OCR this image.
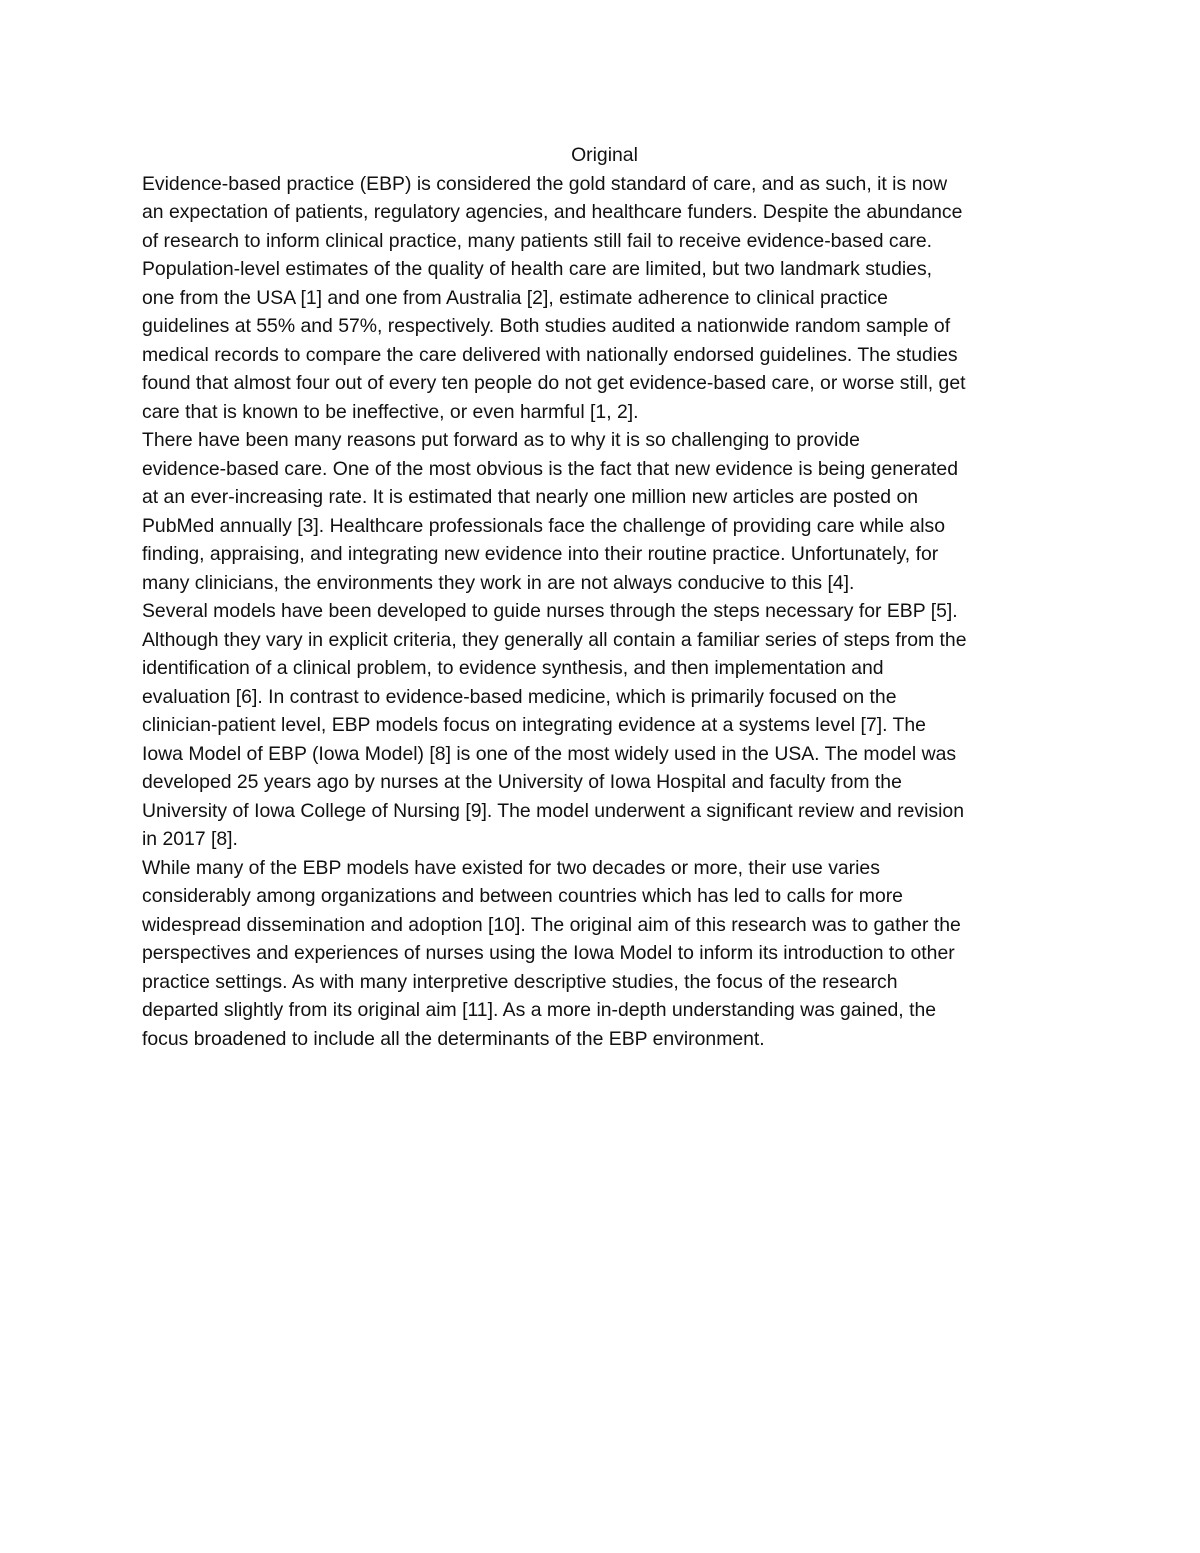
Original
Evidence-based practice (EBP) is considered the gold standard of care, and as such, it is now
an expectation of patients, regulatory agencies, and healthcare funders. Despite the abundance
of research to inform clinical practice, many patients still fail to receive evidence-based care.
Population-level estimates of the quality of health care are limited, but two landmark studies,
one from the USA [1] and one from Australia [2], estimate adherence to clinical practice
guidelines at 55% and 57%, respectively. Both studies audited a nationwide random sample of
medical records to compare the care delivered with nationally endorsed guidelines. The studies
found that almost four out of every ten people do not get evidence-based care, or worse still, get
care that is known to be ineffective, or even harmful [1, 2].
There have been many reasons put forward as to why it is so challenging to provide
evidence-based care. One of the most obvious is the fact that new evidence is being generated
at an ever-increasing rate. It is estimated that nearly one million new articles are posted on
PubMed annually [3]. Healthcare professionals face the challenge of providing care while also
finding, appraising, and integrating new evidence into their routine practice. Unfortunately, for
many clinicians, the environments they work in are not always conducive to this [4].
Several models have been developed to guide nurses through the steps necessary for EBP [5].
Although they vary in explicit criteria, they generally all contain a familiar series of steps from the
identification of a clinical problem, to evidence synthesis, and then implementation and
evaluation [6]. In contrast to evidence-based medicine, which is primarily focused on the
clinician-patient level, EBP models focus on integrating evidence at a systems level [7]. The
Iowa Model of EBP (Iowa Model) [8] is one of the most widely used in the USA. The model was
developed 25 years ago by nurses at the University of Iowa Hospital and faculty from the
University of Iowa College of Nursing [9]. The model underwent a significant review and revision
in 2017 [8].
While many of the EBP models have existed for two decades or more, their use varies
considerably among organizations and between countries which has led to calls for more
widespread dissemination and adoption [10]. The original aim of this research was to gather the
perspectives and experiences of nurses using the Iowa Model to inform its introduction to other
practice settings. As with many interpretive descriptive studies, the focus of the research
departed slightly from its original aim [11]. As a more in-depth understanding was gained, the
focus broadened to include all the determinants of the EBP environment.
